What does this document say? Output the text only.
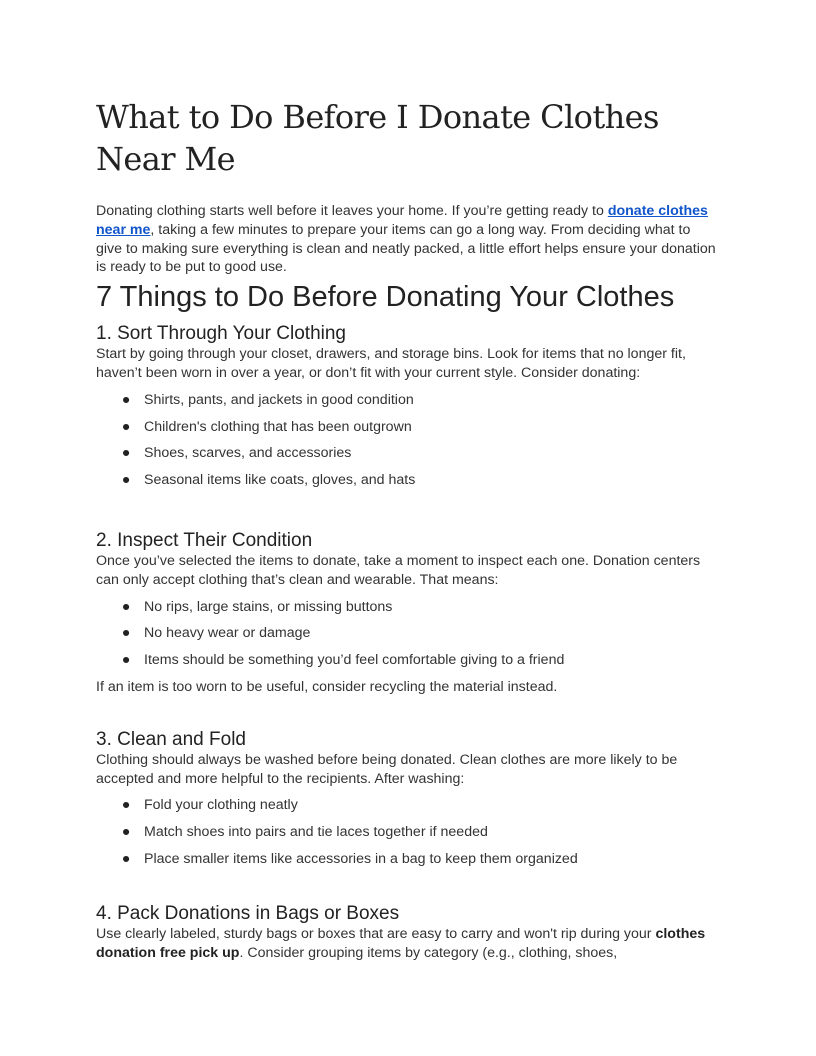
What to Do Before I Donate Clothes Near Me

Donating clothing starts well before it leaves your home. If you’re getting ready to donate clothes near me, taking a few minutes to prepare your items can go a long way. From deciding what to give to making sure everything is clean and neatly packed, a little effort helps ensure your donation is ready to be put to good use.

7 Things to Do Before Donating Your Clothes
1. Sort Through Your Clothing

Start by going through your closet, drawers, and storage bins. Look for items that no longer fit, haven’t been worn in over a year, or don’t fit with your current style. Consider donating:

● Shirts, pants, and jackets in good condition
● Children's clothing that has been outgrown
● Shoes, scarves, and accessories
● Seasonal items like coats, gloves, and hats
2. Inspect Their Condition

Once you’ve selected the items to donate, take a moment to inspect each one. Donation centers can only accept clothing that’s clean and wearable. That means:

● No rips, large stains, or missing buttons
● No heavy wear or damage
● Items should be something you’d feel comfortable giving to a friend

If an item is too worn to be useful, consider recycling the material instead.

3. Clean and Fold

Clothing should always be washed before being donated. Clean clothes are more likely to be accepted and more helpful to the recipients. After washing:

● Fold your clothing neatly
● Match shoes into pairs and tie laces together if needed
● Place smaller items like accessories in a bag to keep them organized
4. Pack Donations in Bags or Boxes

Use clearly labeled, sturdy bags or boxes that are easy to carry and won't rip during your clothes donation free pick up. Consider grouping items by category (e.g., clothing, shoes,
